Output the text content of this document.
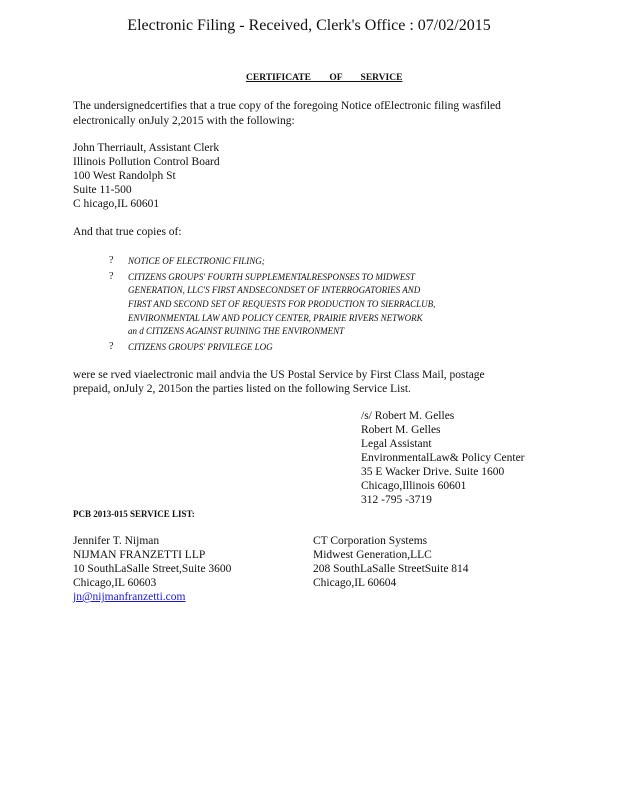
Electronic Filing - Received, Clerk's Office : 07/02/2015
CERTIFICATE OF SERVICE
The undersignedcertifies that a true copy of the foregoing Notice ofElectronic filing wasfiled
electronically onJuly 2,2015 with the following:
John Therriault, Assistant Clerk
Illinois Pollution Control Board
100 West Randolph St
Suite 11-500
C hicago,IL 60601
And that true copies of:
? NOTICE OF ELECTRONIC FILING;
? CITIZENS GROUPS' FOURTH SUPPLEMENTALRESPONSES TO MIDWEST
GENERATION, LLC'S FIRST ANDSECONDSET OF INTERROGATORIES AND
FIRST AND SECOND SET OF REQUESTS FOR PRODUCTION TO SIERRACLUB,
ENVIRONMENTAL LAW AND POLICY CENTER, PRAIRIE RIVERS NETWORK
an d CITIZENS AGAINST RUINING THE ENVIRONMENT
? CITIZENS GROUPS' PRIVILEGE LOG
were se rved viaelectronic mail andvia the US Postal Service by First Class Mail, postage
prepaid, onJuly 2, 2015on the parties listed on the following Service List.
/s/ Robert M. Gelles
Robert M. Gelles
Legal Assistant
EnvironmentalLaw& Policy Center
35 E Wacker Drive. Suite 1600
Chicago,Illinois 60601
312 -795 -3719
PCB 2013-015 SERVICE LIST:
Jennifer T. Nijman
NIJMAN FRANZETTI LLP
10 SouthLaSalle Street,Suite 3600
Chicago,IL 60603
jn@nijmanfranzetti.com
CT Corporation Systems
Midwest Generation,LLC
208 SouthLaSalle StreetSuite 814
Chicago,IL 60604
